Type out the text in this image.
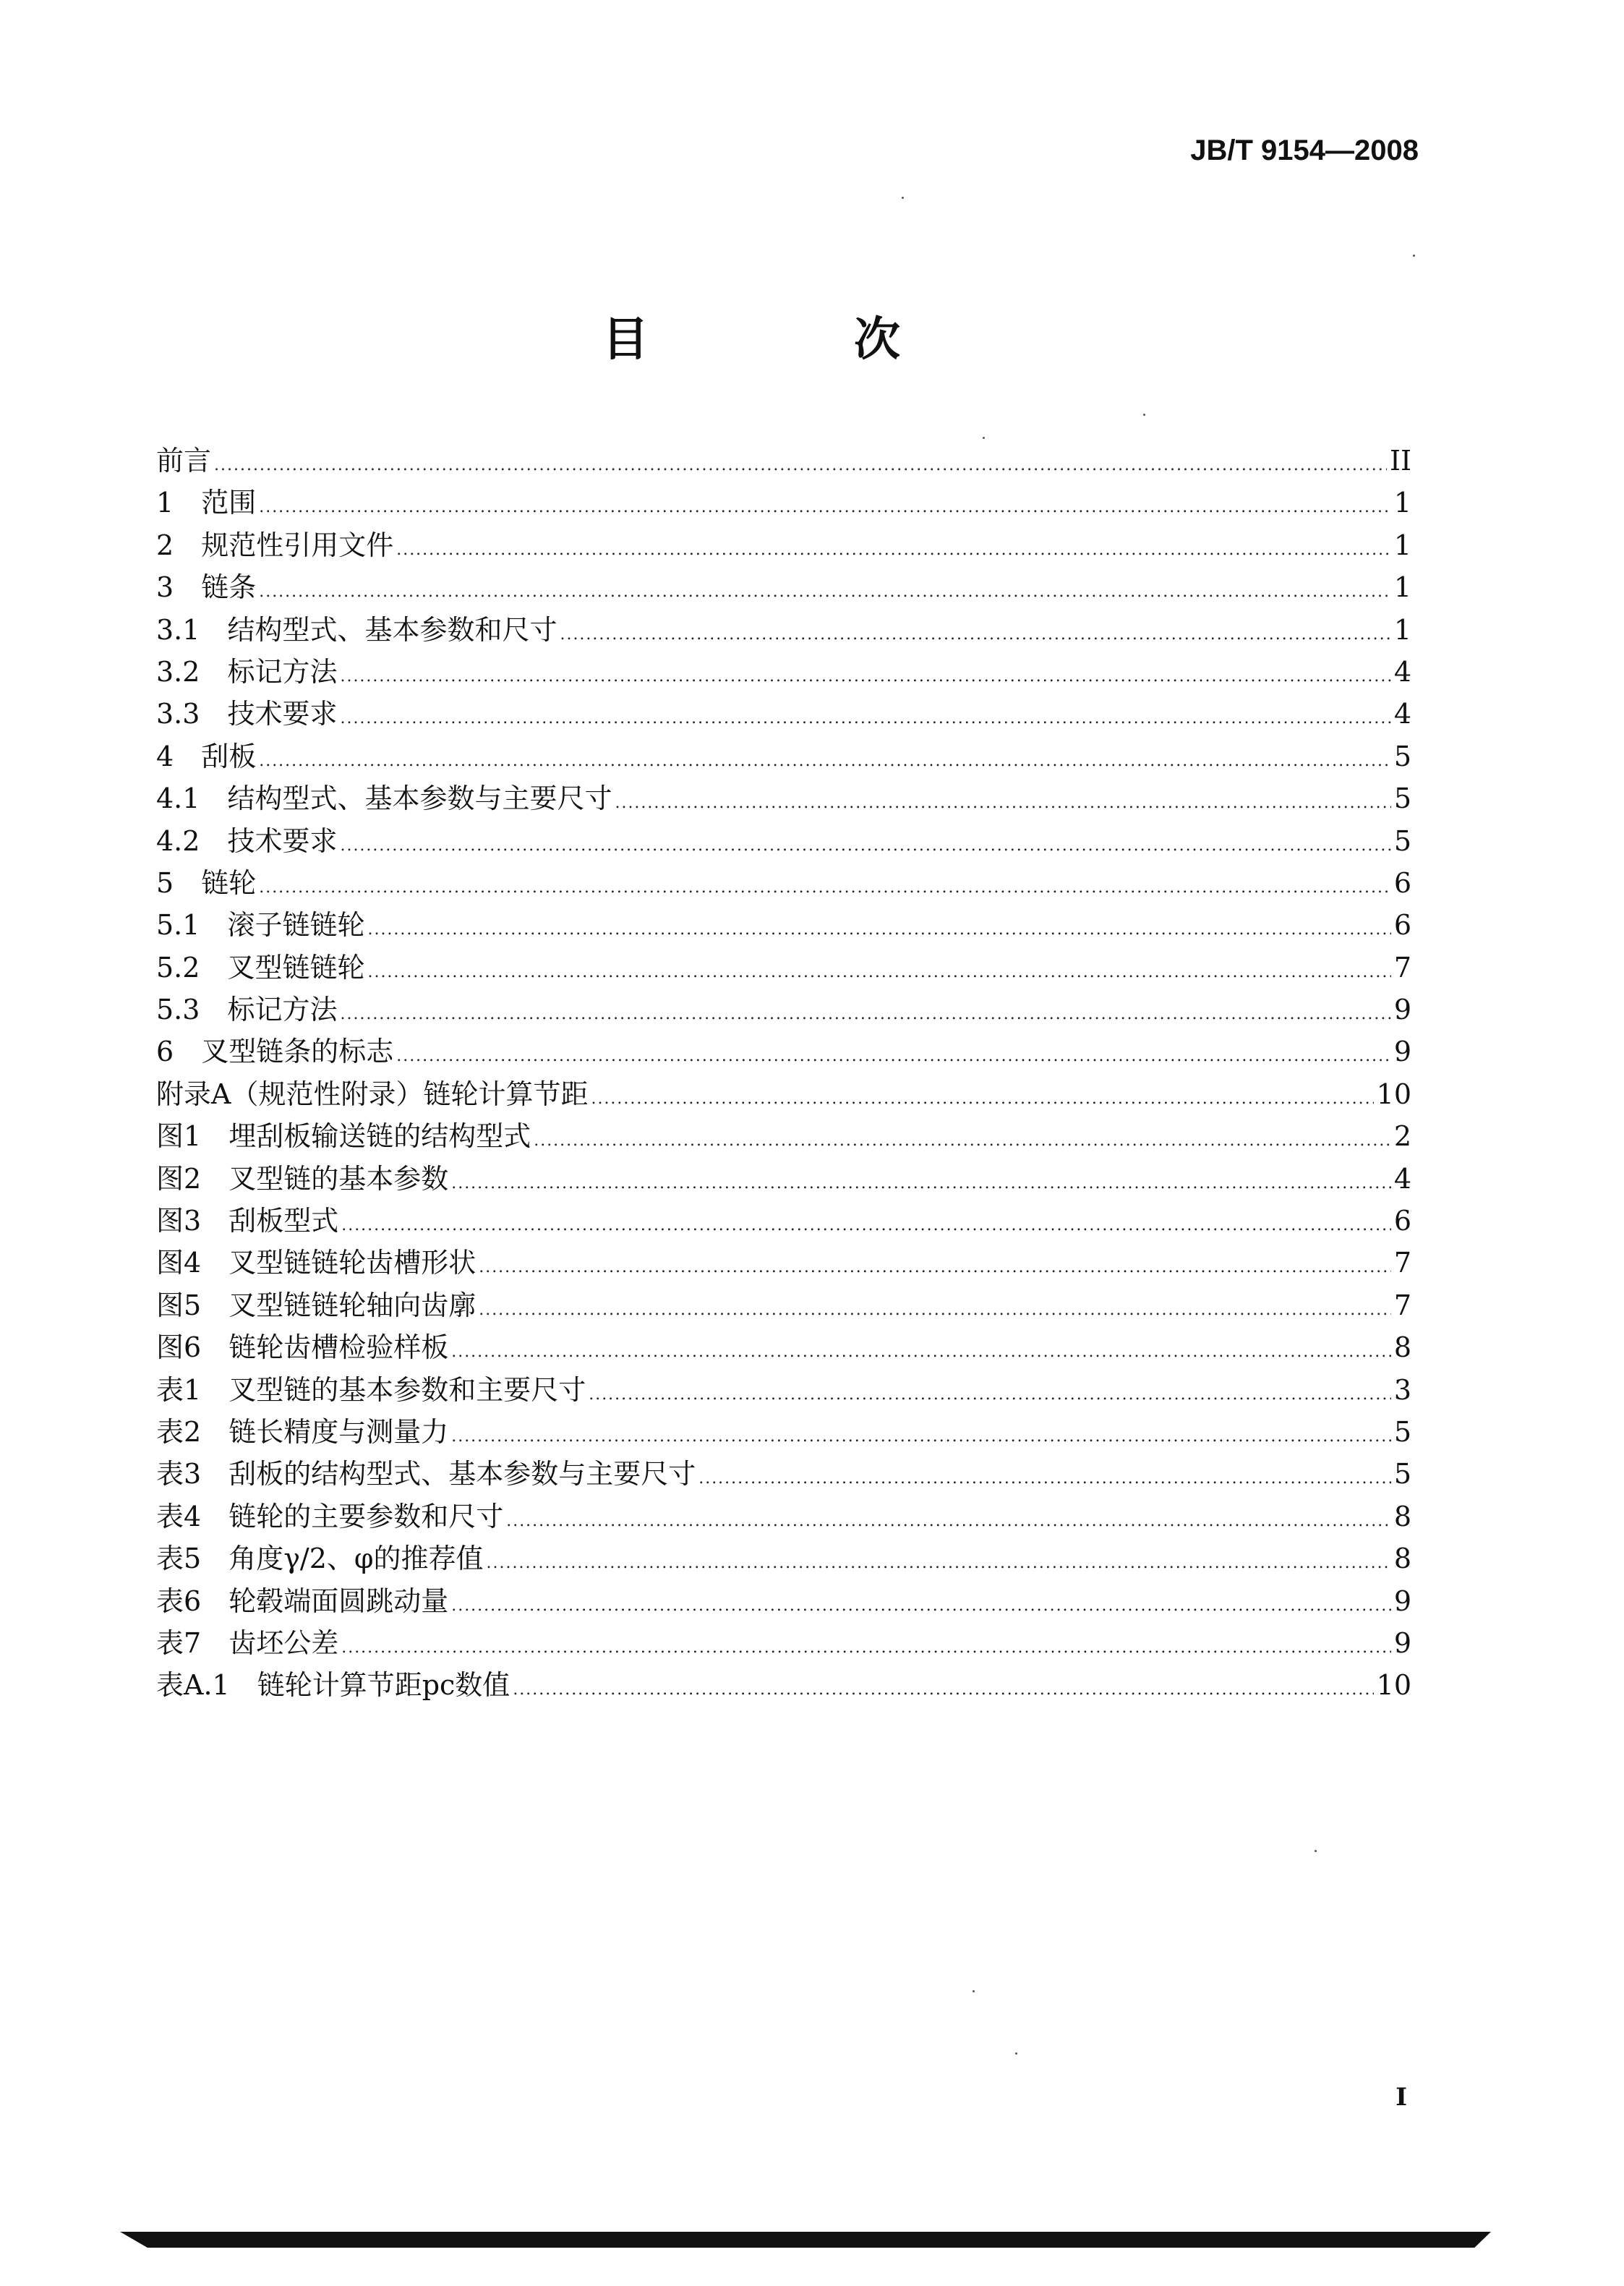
JB/T 9154—2008
目　次
前言 .....	II
1　 范围 .....	1
2　 规范性引用文件 .....	1
3　 链条 .....	1
3.1　 结构型式、基本参数和尺寸 .....	1
3.2　 标记方法 .....	4
3.3　 技术要求 .....	4
4　 刮板 .....	5
4.1　 结构型式、基本参数与主要尺寸 .....	5
4.2　 技术要求 .....	5
5　 链轮 .....	6
5.1　 滚子链链轮 .....	6
5.2　 叉型链链轮 .....	7
5.3　 标记方法 .....	9
6　 叉型链条的标志 .....	9
附录A（规范性附录）链轮计算节距 .....	10
图1　 埋刮板输送链的结构型式 .....	2
图2　 叉型链的基本参数 .....	4
图3　 刮板型式 .....	6
图4　 叉型链链轮齿槽形状 .....	7
图5　 叉型链链轮轴向齿廓 .....	7
图6　 链轮齿槽检验样板 .....	8
表1　 叉型链的基本参数和主要尺寸 .....	3
表2　 链长精度与测量力 .....	5
表3　 刮板的结构型式、基本参数与主要尺寸 .....	5
表4　 链轮的主要参数和尺寸 .....	8
表5　 角度γ/2、φ的推荐值 .....	8
表6　 轮毂端面圆跳动量 .....	9
表7　 齿坯公差 .....	9
表A.1　 链轮计算节距pc数值 .....	10
I
